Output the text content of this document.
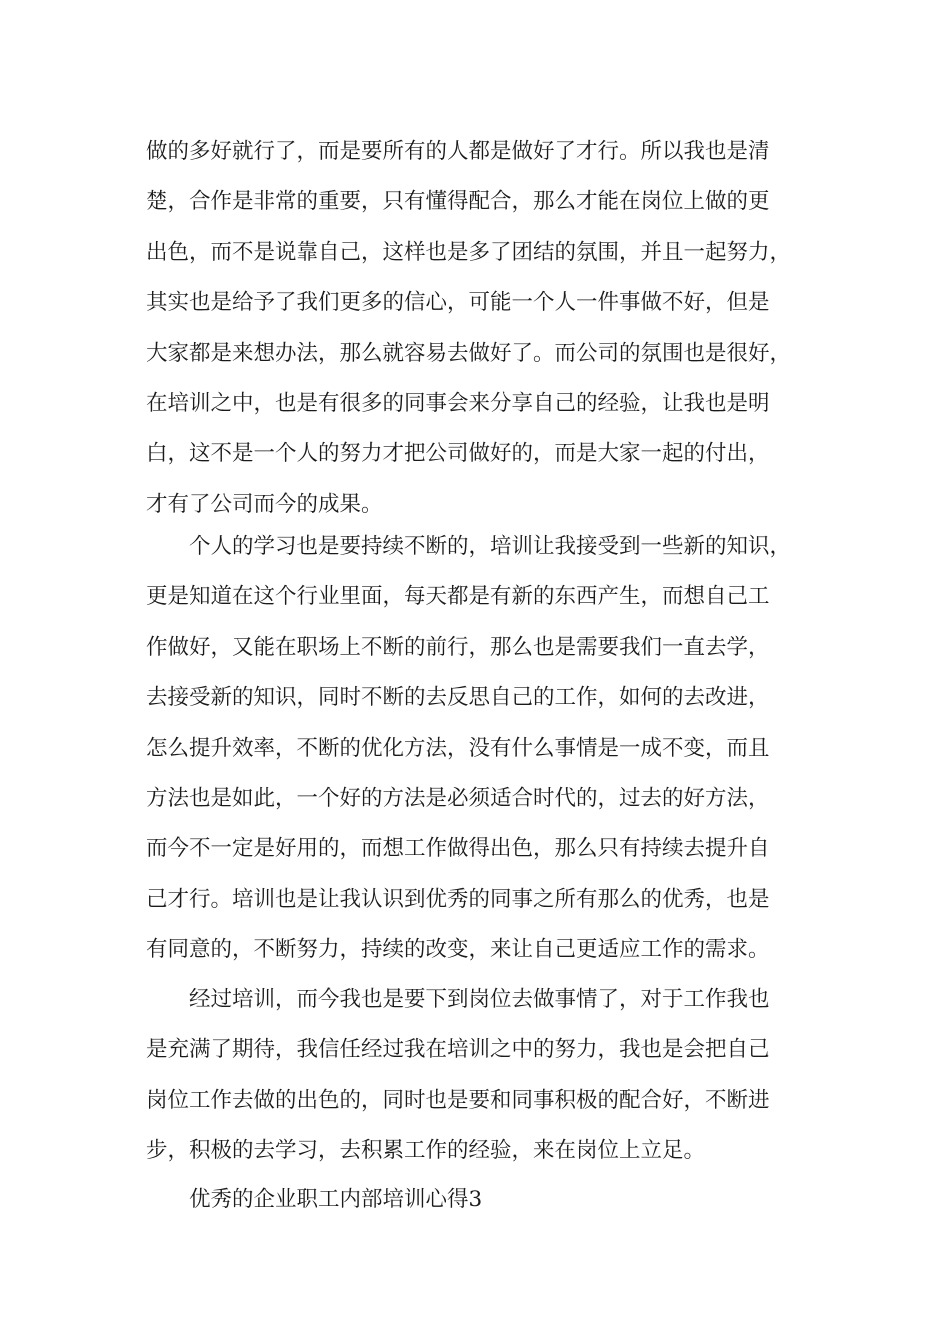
做的多好就行了，而是要所有的人都是做好了才行。所以我也是清
楚，合作是非常的重要，只有懂得配合，那么才能在岗位上做的更
出色，而不是说靠自己，这样也是多了团结的氛围，并且一起努力，
其实也是给予了我们更多的信心，可能一个人一件事做不好，但是
大家都是来想办法，那么就容易去做好了。而公司的氛围也是很好，
在培训之中，也是有很多的同事会来分享自己的经验，让我也是明
白，这不是一个人的努力才把公司做好的，而是大家一起的付出，
才有了公司而今的成果。
个人的学习也是要持续不断的，培训让我接受到一些新的知识，
更是知道在这个行业里面，每天都是有新的东西产生，而想自己工
作做好，又能在职场上不断的前行，那么也是需要我们一直去学，
去接受新的知识，同时不断的去反思自己的工作，如何的去改进，
怎么提升效率，不断的优化方法，没有什么事情是一成不变，而且
方法也是如此，一个好的方法是必须适合时代的，过去的好方法，
而今不一定是好用的，而想工作做得出色，那么只有持续去提升自
己才行。培训也是让我认识到优秀的同事之所有那么的优秀，也是
有同意的，不断努力，持续的改变，来让自己更适应工作的需求。
经过培训，而今我也是要下到岗位去做事情了，对于工作我也
是充满了期待，我信任经过我在培训之中的努力，我也是会把自己
岗位工作去做的出色的，同时也是要和同事积极的配合好，不断进
步，积极的去学习，去积累工作的经验，来在岗位上立足。
优秀的企业职工内部培训心得3
